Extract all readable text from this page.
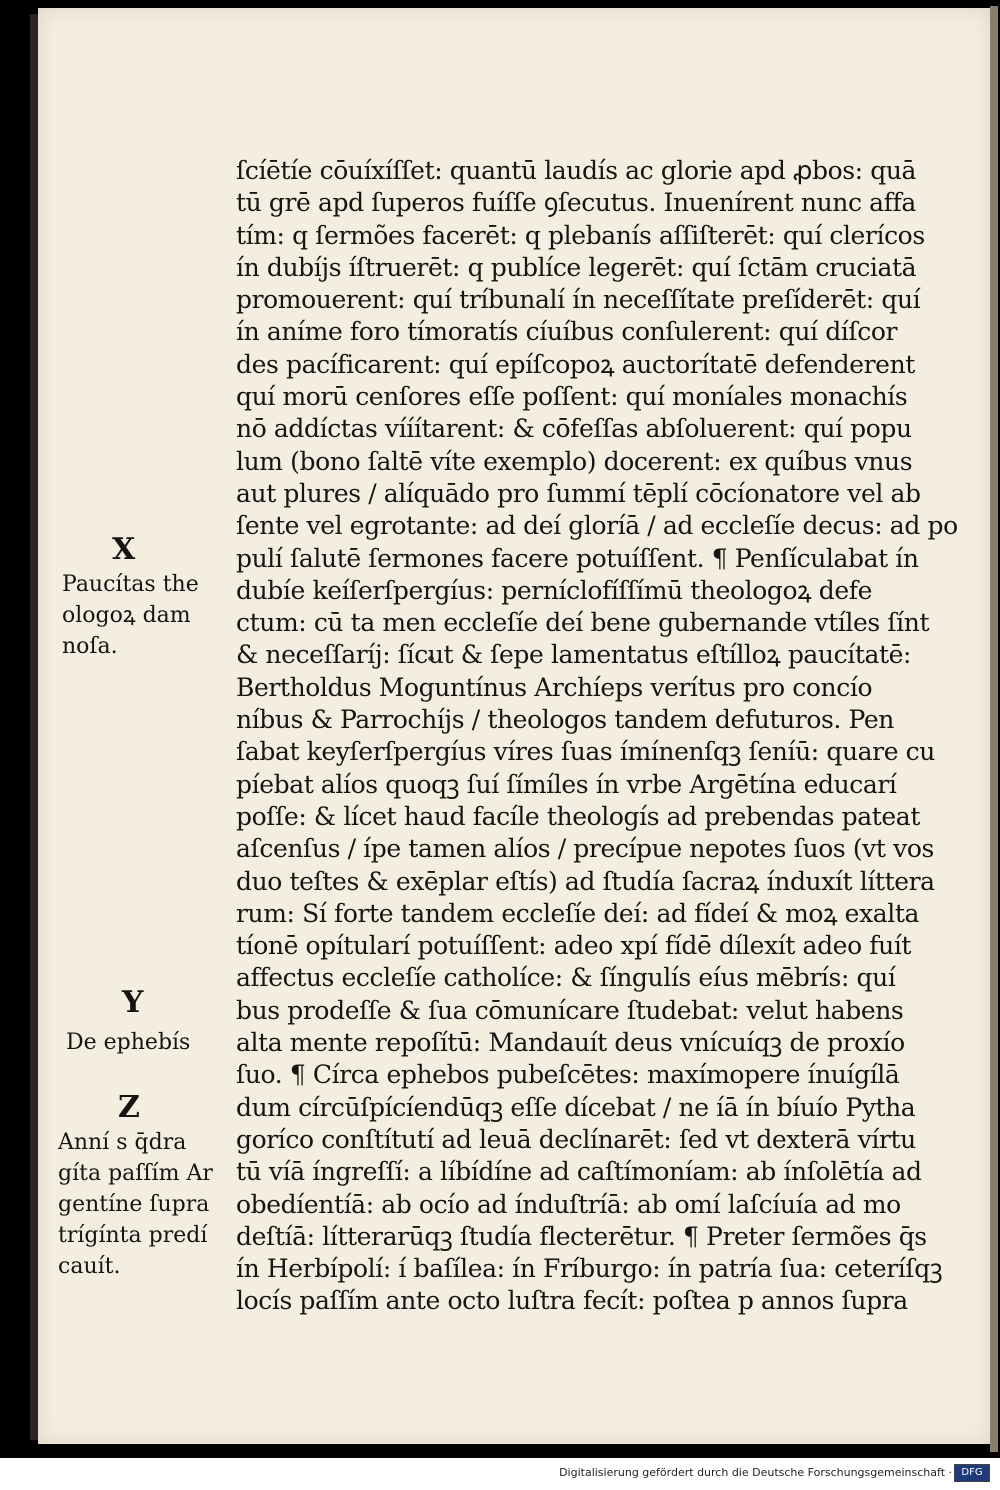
ſcíētíe cōuíxíſſet: quantū laudís ac glorie apd ꝓbos: quā
tū grē apd ſuperos fuíſſe ꝯſecutus. Inuenírent nunc affa
tím: q ſermões facerēt: q plebanís aſſiſterēt: quí clerícos
ín dubíjs íſtruerēt: q publíce legerēt: quí ſctām cruciatā
promouerent: quí tríbunalí ín neceſſítate preſíderēt: quí
ín aníme foro tímoratís cíuíbus conſulerent: quí díſcor
des pacíficarent: quí epíſcopoꝝ auctorítatē defenderent
quí morū cenſores eſſe poſſent: quí moníales monachís
nō addíctas vííítarent: & cōfeſſas abſoluerent: quí popu
lum (bono ſaltē víte exemplo) docerent: ex quíbus vnus
aut plures / alíquādo pro ſummí tēplí cōcíonatore vel ab
ſente vel egrotante: ad deí gloríā / ad eccleſíe decus: ad po
pulí ſalutē ſermones facere potuíſſent. ¶ Penſículabat ín
dubíe keíſerſpergíus: perníclofíſſímū theologoꝝ defe
ctum: cū ta men eccleſíe deí bene gubernande vtíles ſínt
& neceſſaríj: ſícut & ſepe lamentatus eſtílloꝝ paucítatē:
Bertholdus Moguntínus Archíeps verítus pro concío
níbus & Parrochíjs / theologos tandem defuturos. Pen
ſabat keyſerſpergíus víres ſuas ímínenſqꝫ ſeníū: quare cu
píebat alíos quoqꝫ ſuí ſímíles ín vrbe Argētína educarí
poſſe: & lícet haud facíle theologís ad prebendas pateat
aſcenſus / ípe tamen alíos / precípue nepotes ſuos (vt vos
duo teſtes & exēplar eſtís) ad ſtudía ſacraꝝ índuxít líttera
rum: Sí forte tandem eccleſíe deí: ad fídeí & moꝝ exalta
tíonē opítularí potuíſſent: adeo xpí fídē dílexít adeo fuít
affectus eccleſíe catholíce: & ſíngulís eíus mēbrís: quí
bus prodeſſe & ſua cōmunícare ſtudebat: velut habens
alta mente repoſítū: Mandauít deus vnícuíqꝫ de proxío
ſuo. ¶ Círca ephebos pubeſcētes: maxímopere ínuígílā
dum círcūſpícíendūqꝫ eſſe dícebat / ne íā ín bíuío Pytha
goríco conſtítutí ad leuā declínarēt: ſed vt dexterā vírtu
tū víā íngreſſí: a líbídíne ad caſtímoníam: ab ínſolētía ad
obedíentíā: ab ocío ad índuſtríā: ab omí laſcíuía ad mo
deſtíā: lítterarūqꝫ ſtudía flecterētur. ¶ Preter ſermões q̄s
ín Herbípolí: í baſílea: ín Fríburgo: ín patría ſua: ceteríſqꝫ
locís paſſím ante octo luſtra fecít: poſtea p annos ſupra
X
Paucítas the
ologoꝝ dam
noſa.
Y
De ephebís
Z
Anní s q̄dra
gíta paſſím Ar
gentíne ſupra
trígínta predí
cauít.
Digitalisierung gefördert durch die Deutsche Forschungsgemeinschaft · DFG
